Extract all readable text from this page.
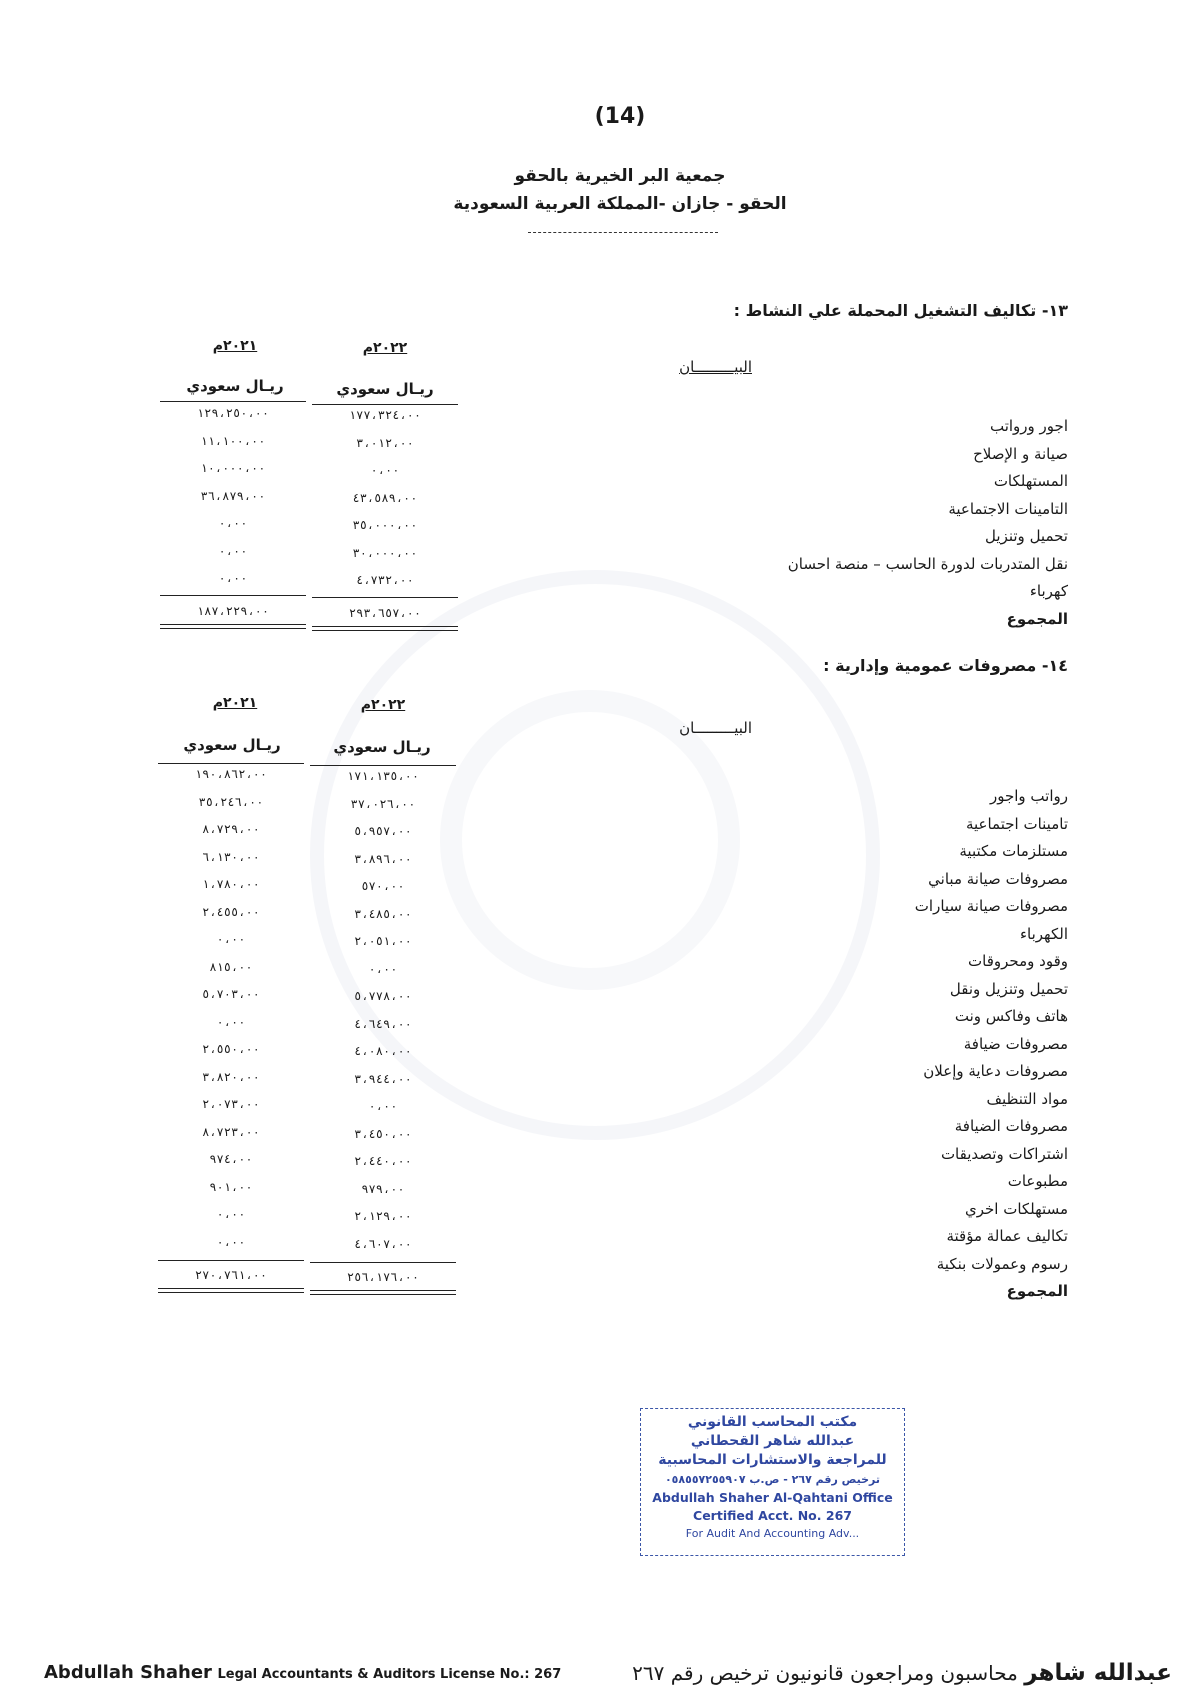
(14)
جمعية البر الخيرية بالحقو
الحقو - جازان -المملكة العربية السعودية
١٣- تكاليف التشغيل المحملة علي النشاط :
٢٠٢٢م
٢٠٢١م
البيـــــــــان
ريـال سعودي
ريـال سعودي
١٧٧،٣٢٤،٠٠
٣،٠١٢،٠٠
٠،٠٠
٤٣،٥٨٩،٠٠
٣٥،٠٠٠،٠٠
٣٠،٠٠٠،٠٠
٤،٧٣٢،٠٠
١٢٩،٢٥٠،٠٠
١١،١٠٠،٠٠
١٠،٠٠٠،٠٠
٣٦،٨٧٩،٠٠
٠،٠٠
٠،٠٠
٠،٠٠
اجور ورواتب
صيانة و الإصلاح
المستهلكات
التامينات الاجتماعية
تحميل وتنزيل
نقل المتدربات لدورة الحاسب – منصة احسان
كهرباء
المجموع
٢٩٣،٦٥٧،٠٠
١٨٧،٢٢٩،٠٠
١٤- مصروفات عمومية وإدارية :
٢٠٢٢م
٢٠٢١م
البيـــــــــان
ريـال سعودي
ريـال سعودي
١٧١،١٣٥،٠٠
٣٧،٠٢٦،٠٠
٥،٩٥٧،٠٠
٣،٨٩٦،٠٠
٥٧٠،٠٠
٣،٤٨٥،٠٠
٢،٠٥١،٠٠
٠،٠٠
٥،٧٧٨،٠٠
٤،٦٤٩،٠٠
٤،٠٨٠،٠٠
٣،٩٤٤،٠٠
٠،٠٠
٣،٤٥٠،٠٠
٢،٤٤٠،٠٠
٩٧٩،٠٠
٢،١٢٩،٠٠
٤،٦٠٧،٠٠
١٩٠،٨٦٢،٠٠
٣٥،٢٤٦،٠٠
٨،٧٢٩،٠٠
٦،١٣٠،٠٠
١،٧٨٠،٠٠
٢،٤٥٥،٠٠
٠،٠٠
٨١٥،٠٠
٥،٧٠٣،٠٠
٠،٠٠
٢،٥٥٠،٠٠
٣،٨٢٠،٠٠
٢،٠٧٣،٠٠
٨،٧٢٣،٠٠
٩٧٤،٠٠
٩٠١،٠٠
٠،٠٠
٠،٠٠
رواتب واجور
تامينات اجتماعية
مستلزمات مكتبية
مصروفات صيانة مباني
مصروفات صيانة سيارات
الكهرباء
وقود ومحروقات
تحميل وتنزيل ونقل
هاتف وفاكس ونت
مصروفات ضيافة
مصروفات دعاية وإعلان
مواد التنظيف
مصروفات الضيافة
اشتراكات وتصديقات
مطبوعات
مستهلكات اخري
تكاليف عمالة مؤقتة
رسوم وعمولات بنكية
المجموع
٢٥٦،١٧٦،٠٠
٢٧٠،٧٦١،٠٠
مكتب المحاسب القانوني
عبدالله شاهر القحطاني
للمراجعة والاستشارات المحاسبية
ترخيص رقم ٢٦٧ - ص.ب ٠٥٨٥٥٧٢٥٥٩٠٧
Abdullah Shaher Al-Qahtani Office
Certified Acct. No. 267
For Audit And Accounting Adv...
Abdullah Shaher Legal Accountants & Auditors License No.: 267	عبدالله شاهر محاسبون ومراجعون قانونيون ترخيص رقم ٢٦٧
